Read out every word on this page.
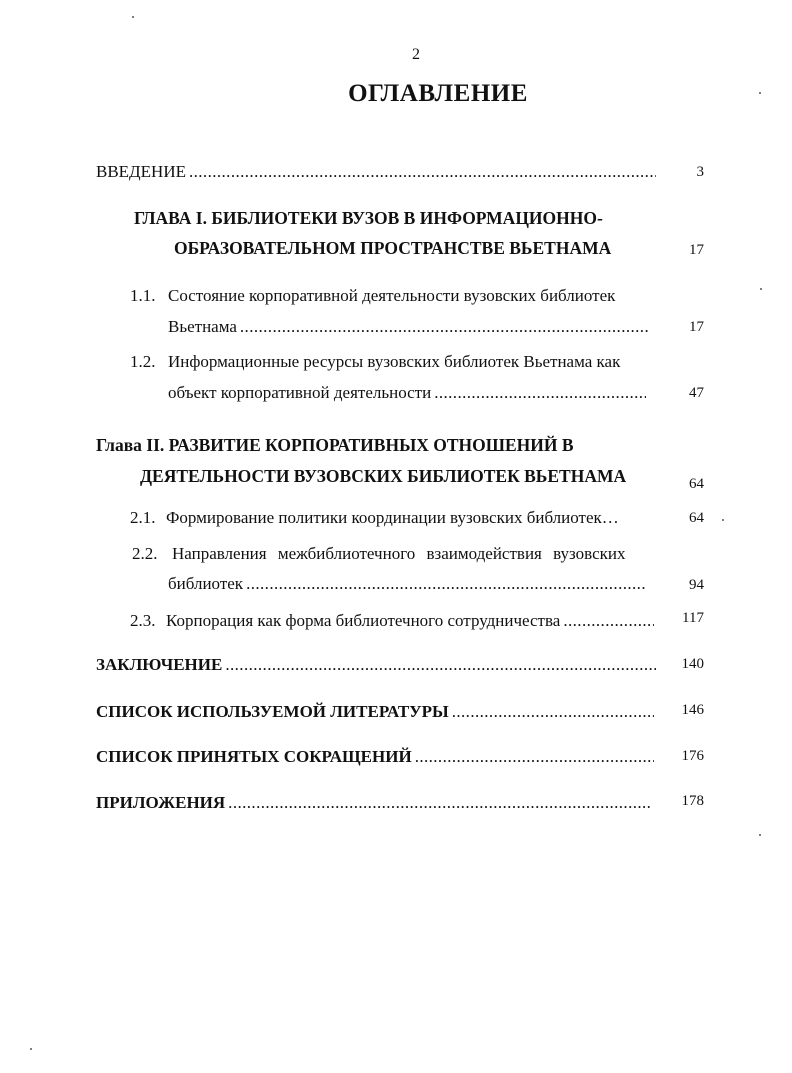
2
ОГЛАВЛЕНИЕ
ВВЕДЕНИЕ .....	3
ГЛАВА I. БИБЛИОТЕКИ ВУЗОВ В ИНФОРМАЦИОННО-
ОБРАЗОВАТЕЛЬНОМ ПРОСТРАНСТВЕ ВЬЕТНАМА	17
1.1. Состояние корпоративной деятельности вузовских библиотек
Вьетнама .....	17
1.2. Информационные ресурсы вузовских библиотек Вьетнама как
объект корпоративной деятельности .....	47
Глава II. РАЗВИТИЕ КОРПОРАТИВНЫХ ОТНОШЕНИЙ В
ДЕЯТЕЛЬНОСТИ ВУЗОВСКИХ БИБЛИОТЕК ВЬЕТНАМА	64
2.1. Формирование политики координации вузовских библиотек…	64
2.2. Направления межбиблиотечного взаимодействия вузовских
библиотек .....	94
2.3. Корпорация как форма библиотечного сотрудничества .....	117
ЗАКЛЮЧЕНИЕ .....	140
СПИСОК ИСПОЛЬЗУЕМОЙ ЛИТЕРАТУРЫ .....	146
СПИСОК ПРИНЯТЫХ СОКРАЩЕНИЙ .....	176
ПРИЛОЖЕНИЯ .....	178
